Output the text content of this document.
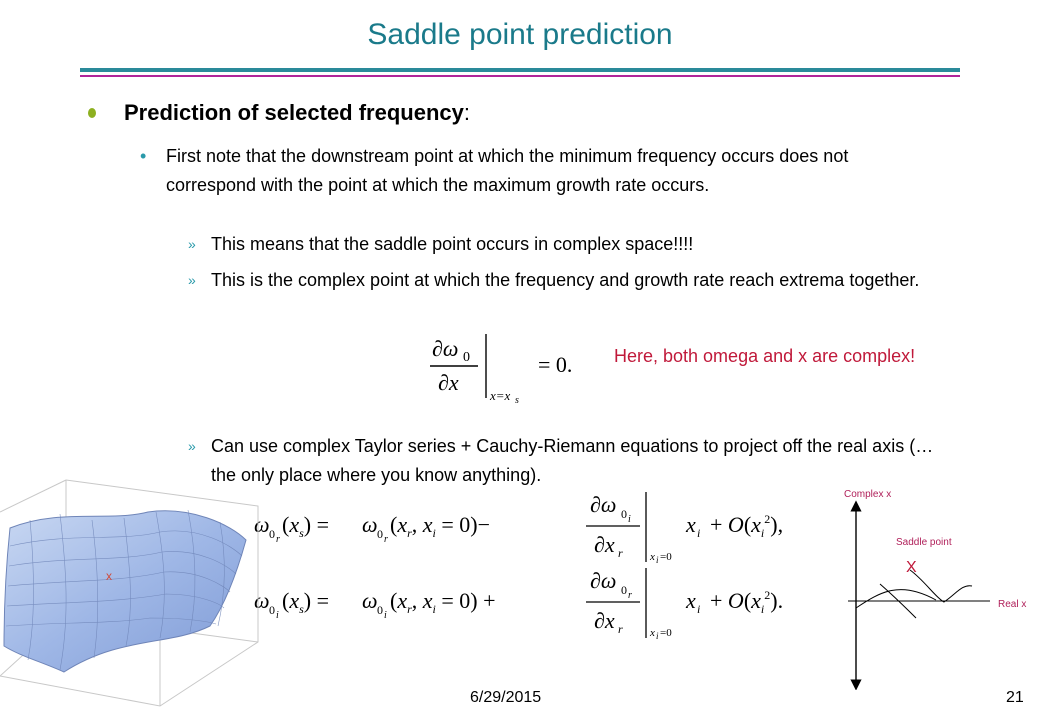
Saddle point prediction
Prediction of selected frequency:
• First note that the downstream point at which the minimum frequency occurs does not correspond with the point at which the maximum growth rate occurs.
» This means that the saddle point occurs in complex space!!!!
» This is the complex point at which the frequency and growth rate reach extrema together.
∂ω 0
∂x
x=x s
= 0. Here, both omega and x are complex!
» Can use complex Taylor series + Cauchy-Riemann equations to project off the real axis (…the only place where you know anything).
ω 0 r
$(x_s) = \omega$ 0 r
($x_r$, $x_i = 0)-$
∂ω 0 i
∂x r x i =0
x $i + O(x_i^2)$,
ω 0 i
$(x_s) = \omega$ 0 i
($x_r$, $x_i = 0$) +
∂ω 0 r
∂x r x i =0
x $i + O(x_i^2)$.
x
Complex x
Saddle point
X
Real x
6/29/2015	21
